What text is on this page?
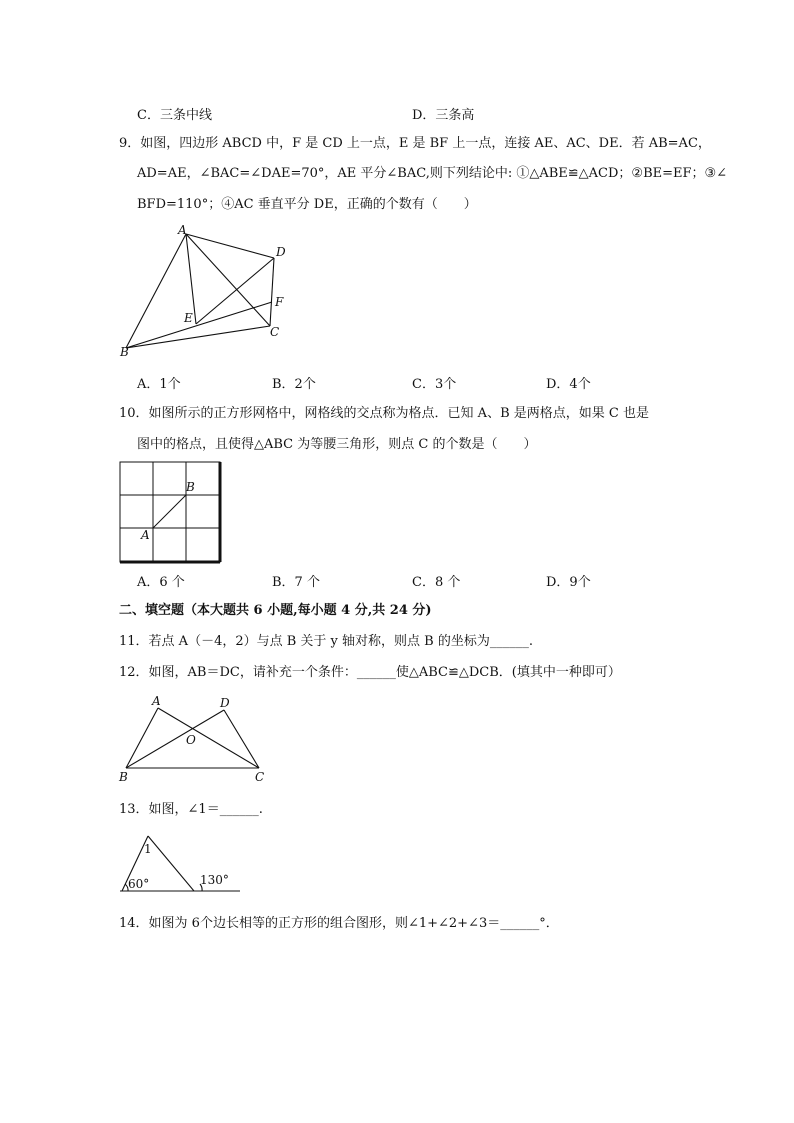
C．三条中线	D．三条高
9．如图，四边形 ABCD 中，F 是 CD 上一点，E 是 BF 上一点，连接 AE、AC、DE．若 AB=AC，
AD=AE，∠BAC=∠DAE=70°，AE 平分∠BAC,则下列结论中: ①△ABE≌△ACD；②BE=EF；③∠
BFD=110°；④AC 垂直平分 DE，正确的个数有（　　）
A
D
F
E
C
B
A．1个	B．2个	C．3个	D．4个
10．如图所示的正方形网格中，网格线的交点称为格点．已知 A、B 是两格点，如果 C 也是
图中的格点，且使得△ABC 为等腰三角形，则点 C 的个数是（　　）
B
A
A．6 个	B．7 个	C．8 个	D．9个
二、填空题（本大题共 6 小题,每小题 4 分,共 24 分)
11．若点 A（－4，2）与点 B 关于 y 轴对称，则点 B 的坐标为______.
12．如图，AB＝DC，请补充一个条件：______使△ABC≌△DCB．(填其中一种即可）
A	D
O
B	C
13．如图，∠1＝______.
1
60°	130°
14．如图为 6个边长相等的正方形的组合图形，则∠1+∠2+∠3＝______°．
